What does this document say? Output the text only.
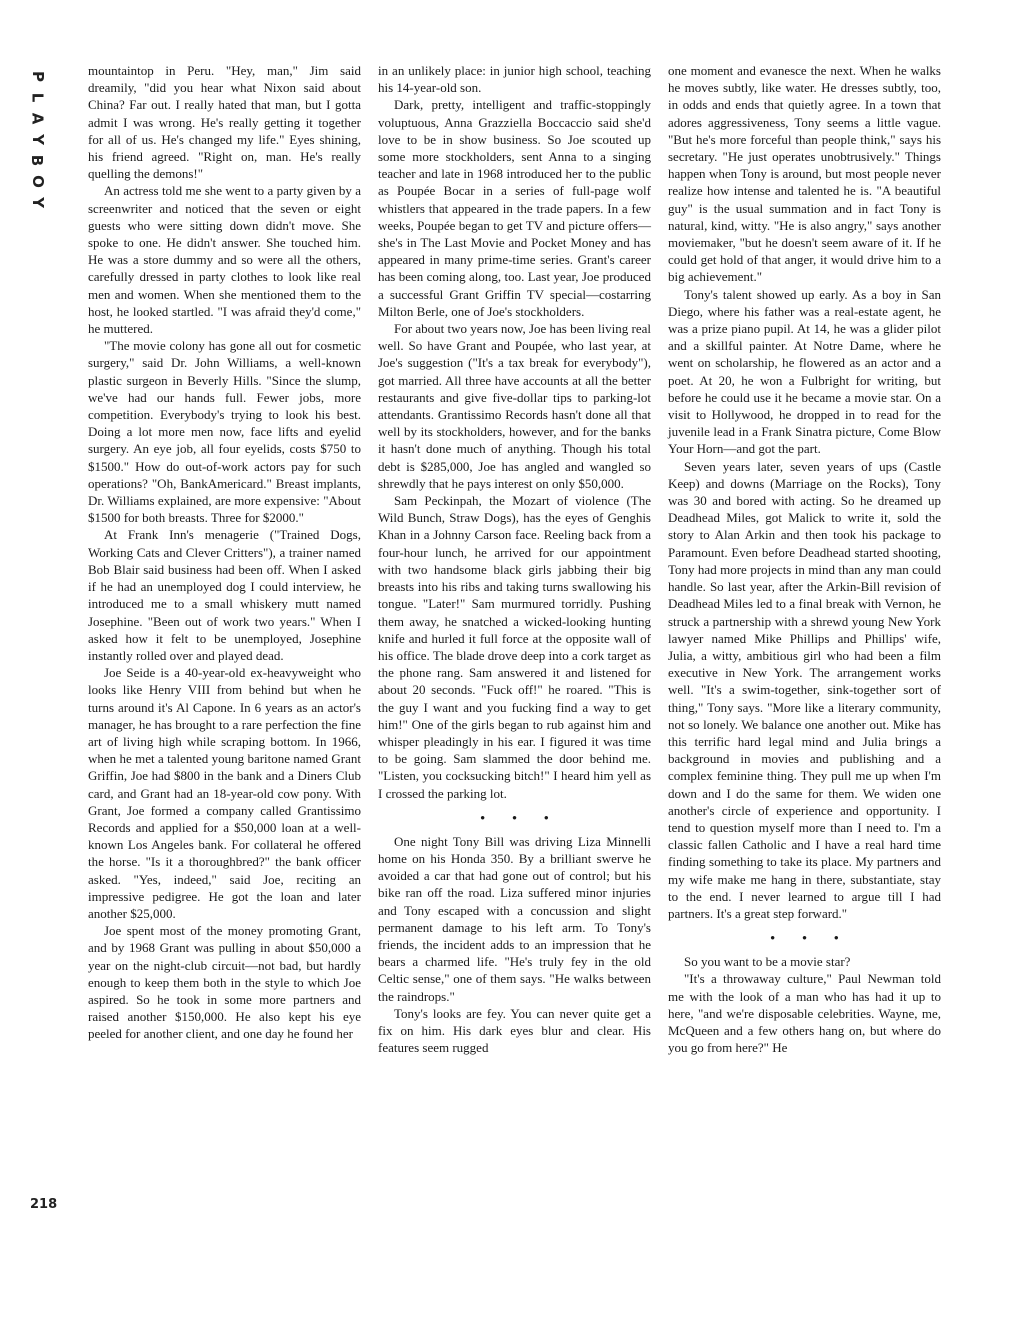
P
L
A
Y
B
O
Y
218

mountaintop in Peru. "Hey, man," Jim said dreamily, "did you hear what Nixon said about China? Far out. I really hated that man, but I gotta admit I was wrong. He's really getting it together for all of us. He's changed my life." Eyes shining, his friend agreed. "Right on, man. He's really quelling the demons!"

An actress told me she went to a party given by a screenwriter and noticed that the seven or eight guests who were sitting down didn't move. She spoke to one. He didn't answer. She touched him. He was a store dummy and so were all the others, carefully dressed in party clothes to look like real men and women. When she mentioned them to the host, he looked startled. "I was afraid they'd come," he muttered.

"The movie colony has gone all out for cosmetic surgery," said Dr. John Williams, a well-known plastic surgeon in Beverly Hills. "Since the slump, we've had our hands full. Fewer jobs, more competition. Everybody's trying to look his best. Doing a lot more men now, face lifts and eyelid surgery. An eye job, all four eyelids, costs $750 to $1500." How do out-of-work actors pay for such operations? "Oh, BankAmericard." Breast implants, Dr. Williams explained, are more expensive: "About $1500 for both breasts. Three for $2000."

At Frank Inn's menagerie ("Trained Dogs, Working Cats and Clever Critters"), a trainer named Bob Blair said business had been off. When I asked if he had an unemployed dog I could interview, he introduced me to a small whiskery mutt named Josephine. "Been out of work two years." When I asked how it felt to be unemployed, Josephine instantly rolled over and played dead.

Joe Seide is a 40-year-old ex-heavyweight who looks like Henry VIII from behind but when he turns around it's Al Capone. In 6 years as an actor's manager, he has brought to a rare perfection the fine art of living high while scraping bottom. In 1966, when he met a talented young baritone named Grant Griffin, Joe had $800 in the bank and a Diners Club card, and Grant had an 18-year-old cow pony. With Grant, Joe formed a company called Grantissimo Records and applied for a $50,000 loan at a well-known Los Angeles bank. For collateral he offered the horse. "Is it a thoroughbred?" the bank officer asked. "Yes, indeed," said Joe, reciting an impressive pedigree. He got the loan and later another $25,000.

Joe spent most of the money promoting Grant, and by 1968 Grant was pulling in about $50,000 a year on the night-club circuit—not bad, but hardly enough to keep them both in the style to which Joe aspired. So he took in some more partners and raised another $150,000. He also kept his eye peeled for another client, and one day he found her

in an unlikely place: in junior high school, teaching his 14-year-old son.

Dark, pretty, intelligent and traffic-stoppingly voluptuous, Anna Grazziella Boccaccio said she'd love to be in show business. So Joe scouted up some more stockholders, sent Anna to a singing teacher and late in 1968 introduced her to the public as Poupée Bocar in a series of full-page wolf whistlers that appeared in the trade papers. In a few weeks, Poupée began to get TV and picture offers—she's in The Last Movie and Pocket Money and has appeared in many prime-time series. Grant's career has been coming along, too. Last year, Joe produced a successful Grant Griffin TV special—costarring Milton Berle, one of Joe's stockholders.

For about two years now, Joe has been living real well. So have Grant and Poupée, who last year, at Joe's suggestion ("It's a tax break for everybody"), got married. All three have accounts at all the better restaurants and give five-dollar tips to parking-lot attendants. Grantissimo Records hasn't done all that well by its stockholders, however, and for the banks it hasn't done much of anything. Though his total debt is $285,000, Joe has angled and wangled so shrewdly that he pays interest on only $50,000.

Sam Peckinpah, the Mozart of violence (The Wild Bunch, Straw Dogs), has the eyes of Genghis Khan in a Johnny Carson face. Reeling back from a four-hour lunch, he arrived for our appointment with two handsome black girls jabbing their big breasts into his ribs and taking turns swallowing his tongue. "Later!" Sam murmured torridly. Pushing them away, he snatched a wicked-looking hunting knife and hurled it full force at the opposite wall of his office. The blade drove deep into a cork target as the phone rang. Sam answered it and listened for about 20 seconds. "Fuck off!" he roared. "This is the guy I want and you fucking find a way to get him!" One of the girls began to rub against him and whisper pleadingly in his ear. I figured it was time to be going. Sam slammed the door behind me. "Listen, you cocksucking bitch!" I heard him yell as I crossed the parking lot.

• • •

One night Tony Bill was driving Liza Minnelli home on his Honda 350. By a brilliant swerve he avoided a car that had gone out of control; but his bike ran off the road. Liza suffered minor injuries and Tony escaped with a concussion and slight permanent damage to his left arm. To Tony's friends, the incident adds to an impression that he bears a charmed life. "He's truly fey in the old Celtic sense," one of them says. "He walks between the raindrops."

Tony's looks are fey. You can never quite get a fix on him. His dark eyes blur and clear. His features seem rugged

one moment and evanesce the next. When he walks he moves subtly, like water. He dresses subtly, too, in odds and ends that quietly agree. In a town that adores aggressiveness, Tony seems a little vague. "But he's more forceful than people think," says his secretary. "He just operates unobtrusively." Things happen when Tony is around, but most people never realize how intense and talented he is. "A beautiful guy" is the usual summation and in fact Tony is natural, kind, witty. "He is also angry," says another moviemaker, "but he doesn't seem aware of it. If he could get hold of that anger, it would drive him to a big achievement."

Tony's talent showed up early. As a boy in San Diego, where his father was a real-estate agent, he was a prize piano pupil. At 14, he was a glider pilot and a skillful painter. At Notre Dame, where he went on scholarship, he flowered as an actor and a poet. At 20, he won a Fulbright for writing, but before he could use it he became a movie star. On a visit to Hollywood, he dropped in to read for the juvenile lead in a Frank Sinatra picture, Come Blow Your Horn—and got the part.

Seven years later, seven years of ups (Castle Keep) and downs (Marriage on the Rocks), Tony was 30 and bored with acting. So he dreamed up Deadhead Miles, got Malick to write it, sold the story to Alan Arkin and then took his package to Paramount. Even before Deadhead started shooting, Tony had more projects in mind than any man could handle. So last year, after the Arkin-Bill revision of Deadhead Miles led to a final break with Vernon, he struck a partnership with a shrewd young New York lawyer named Mike Phillips and Phillips' wife, Julia, a witty, ambitious girl who had been a film executive in New York. The arrangement works well. "It's a swim-together, sink-together sort of thing," Tony says. "More like a literary community, not so lonely. We balance one another out. Mike has this terrific hard legal mind and Julia brings a background in movies and publishing and a complex feminine thing. They pull me up when I'm down and I do the same for them. We widen one another's circle of experience and opportunity. I tend to question myself more than I need to. I'm a classic fallen Catholic and I have a real hard time finding something to take its place. My partners and my wife make me hang in there, substantiate, stay to the end. I never learned to argue till I had partners. It's a great step forward."

• • •

So you want to be a movie star?

"It's a throwaway culture," Paul Newman told me with the look of a man who has had it up to here, "and we're disposable celebrities. Wayne, me, McQueen and a few others hang on, but where do you go from here?" He
